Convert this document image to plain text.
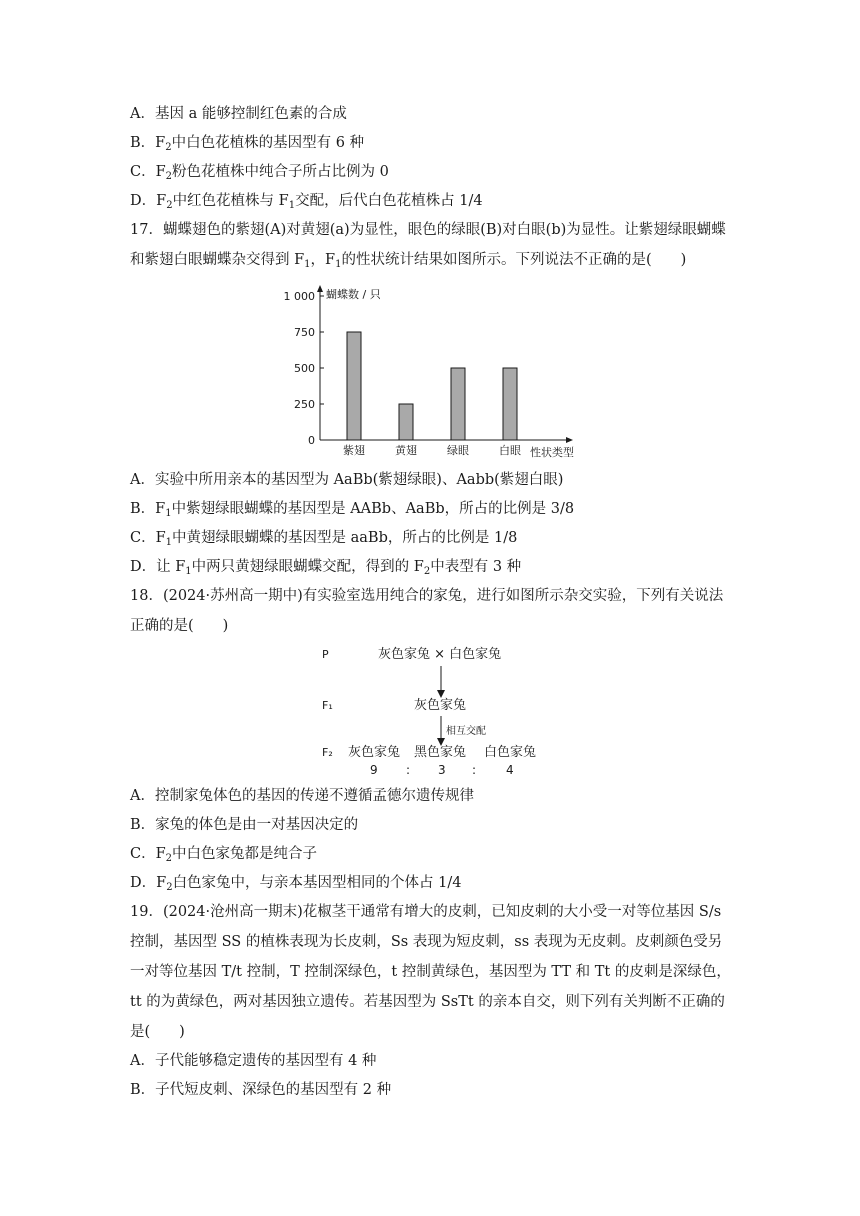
A．基因 a 能够控制红色素的合成
B．$F_2$中白色花植株的基因型有 6 种
C．$F_2$粉色花植株中纯合子所占比例为 0
D．$F_2$中红色花植株与 $F_1$交配，后代白色花植株占 1/4
17．蝴蝶翅色的紫翅(A)对黄翅(a)为显性，眼色的绿眼(B)对白眼(b)为显性。让紫翅绿眼蝴蝶
和紫翅白眼蝴蝶杂交得到 $F_1$，$F_1$的性状统计结果如图所示。下列说法不正确的是(　　)
0
250
500
750
1 000 蝴蝶数 / 只
紫翅	黄翅	绿眼	白眼 性状类型
A．实验中所用亲本的基因型为 AaBb(紫翅绿眼)、Aabb(紫翅白眼)
B．$F_1$中紫翅绿眼蝴蝶的基因型是 AABb、AaBb，所占的比例是 3/8
C．$F_1$中黄翅绿眼蝴蝶的基因型是 aaBb，所占的比例是 1/8
D．让 $F_1$中两只黄翅绿眼蝴蝶交配，得到的 $F_2$中表型有 3 种
18．(2024·苏州高一期中)有实验室选用纯合的家兔，进行如图所示杂交实验，下列有关说法
正确的是(　　)
P	灰色家兔 × 白色家兔
F₁	灰色家兔
相互交配
F₂ 灰色家兔 黑色家兔 白色家兔
9 : 3 : 4
A．控制家兔体色的基因的传递不遵循孟德尔遗传规律
B．家兔的体色是由一对基因决定的
C．$F_2$中白色家兔都是纯合子
D．$F_2$白色家兔中，与亲本基因型相同的个体占 1/4
19．(2024·沧州高一期末)花椒茎干通常有增大的皮刺，已知皮刺的大小受一对等位基因 S/s
控制，基因型 SS 的植株表现为长皮刺，Ss 表现为短皮刺，ss 表现为无皮刺。皮刺颜色受另
一对等位基因 T/t 控制，T 控制深绿色，t 控制黄绿色，基因型为 TT 和 Tt 的皮刺是深绿色，
tt 的为黄绿色，两对基因独立遗传。若基因型为 SsTt 的亲本自交，则下列有关判断不正确的
是(　　)
A．子代能够稳定遗传的基因型有 4 种
B．子代短皮刺、深绿色的基因型有 2 种
